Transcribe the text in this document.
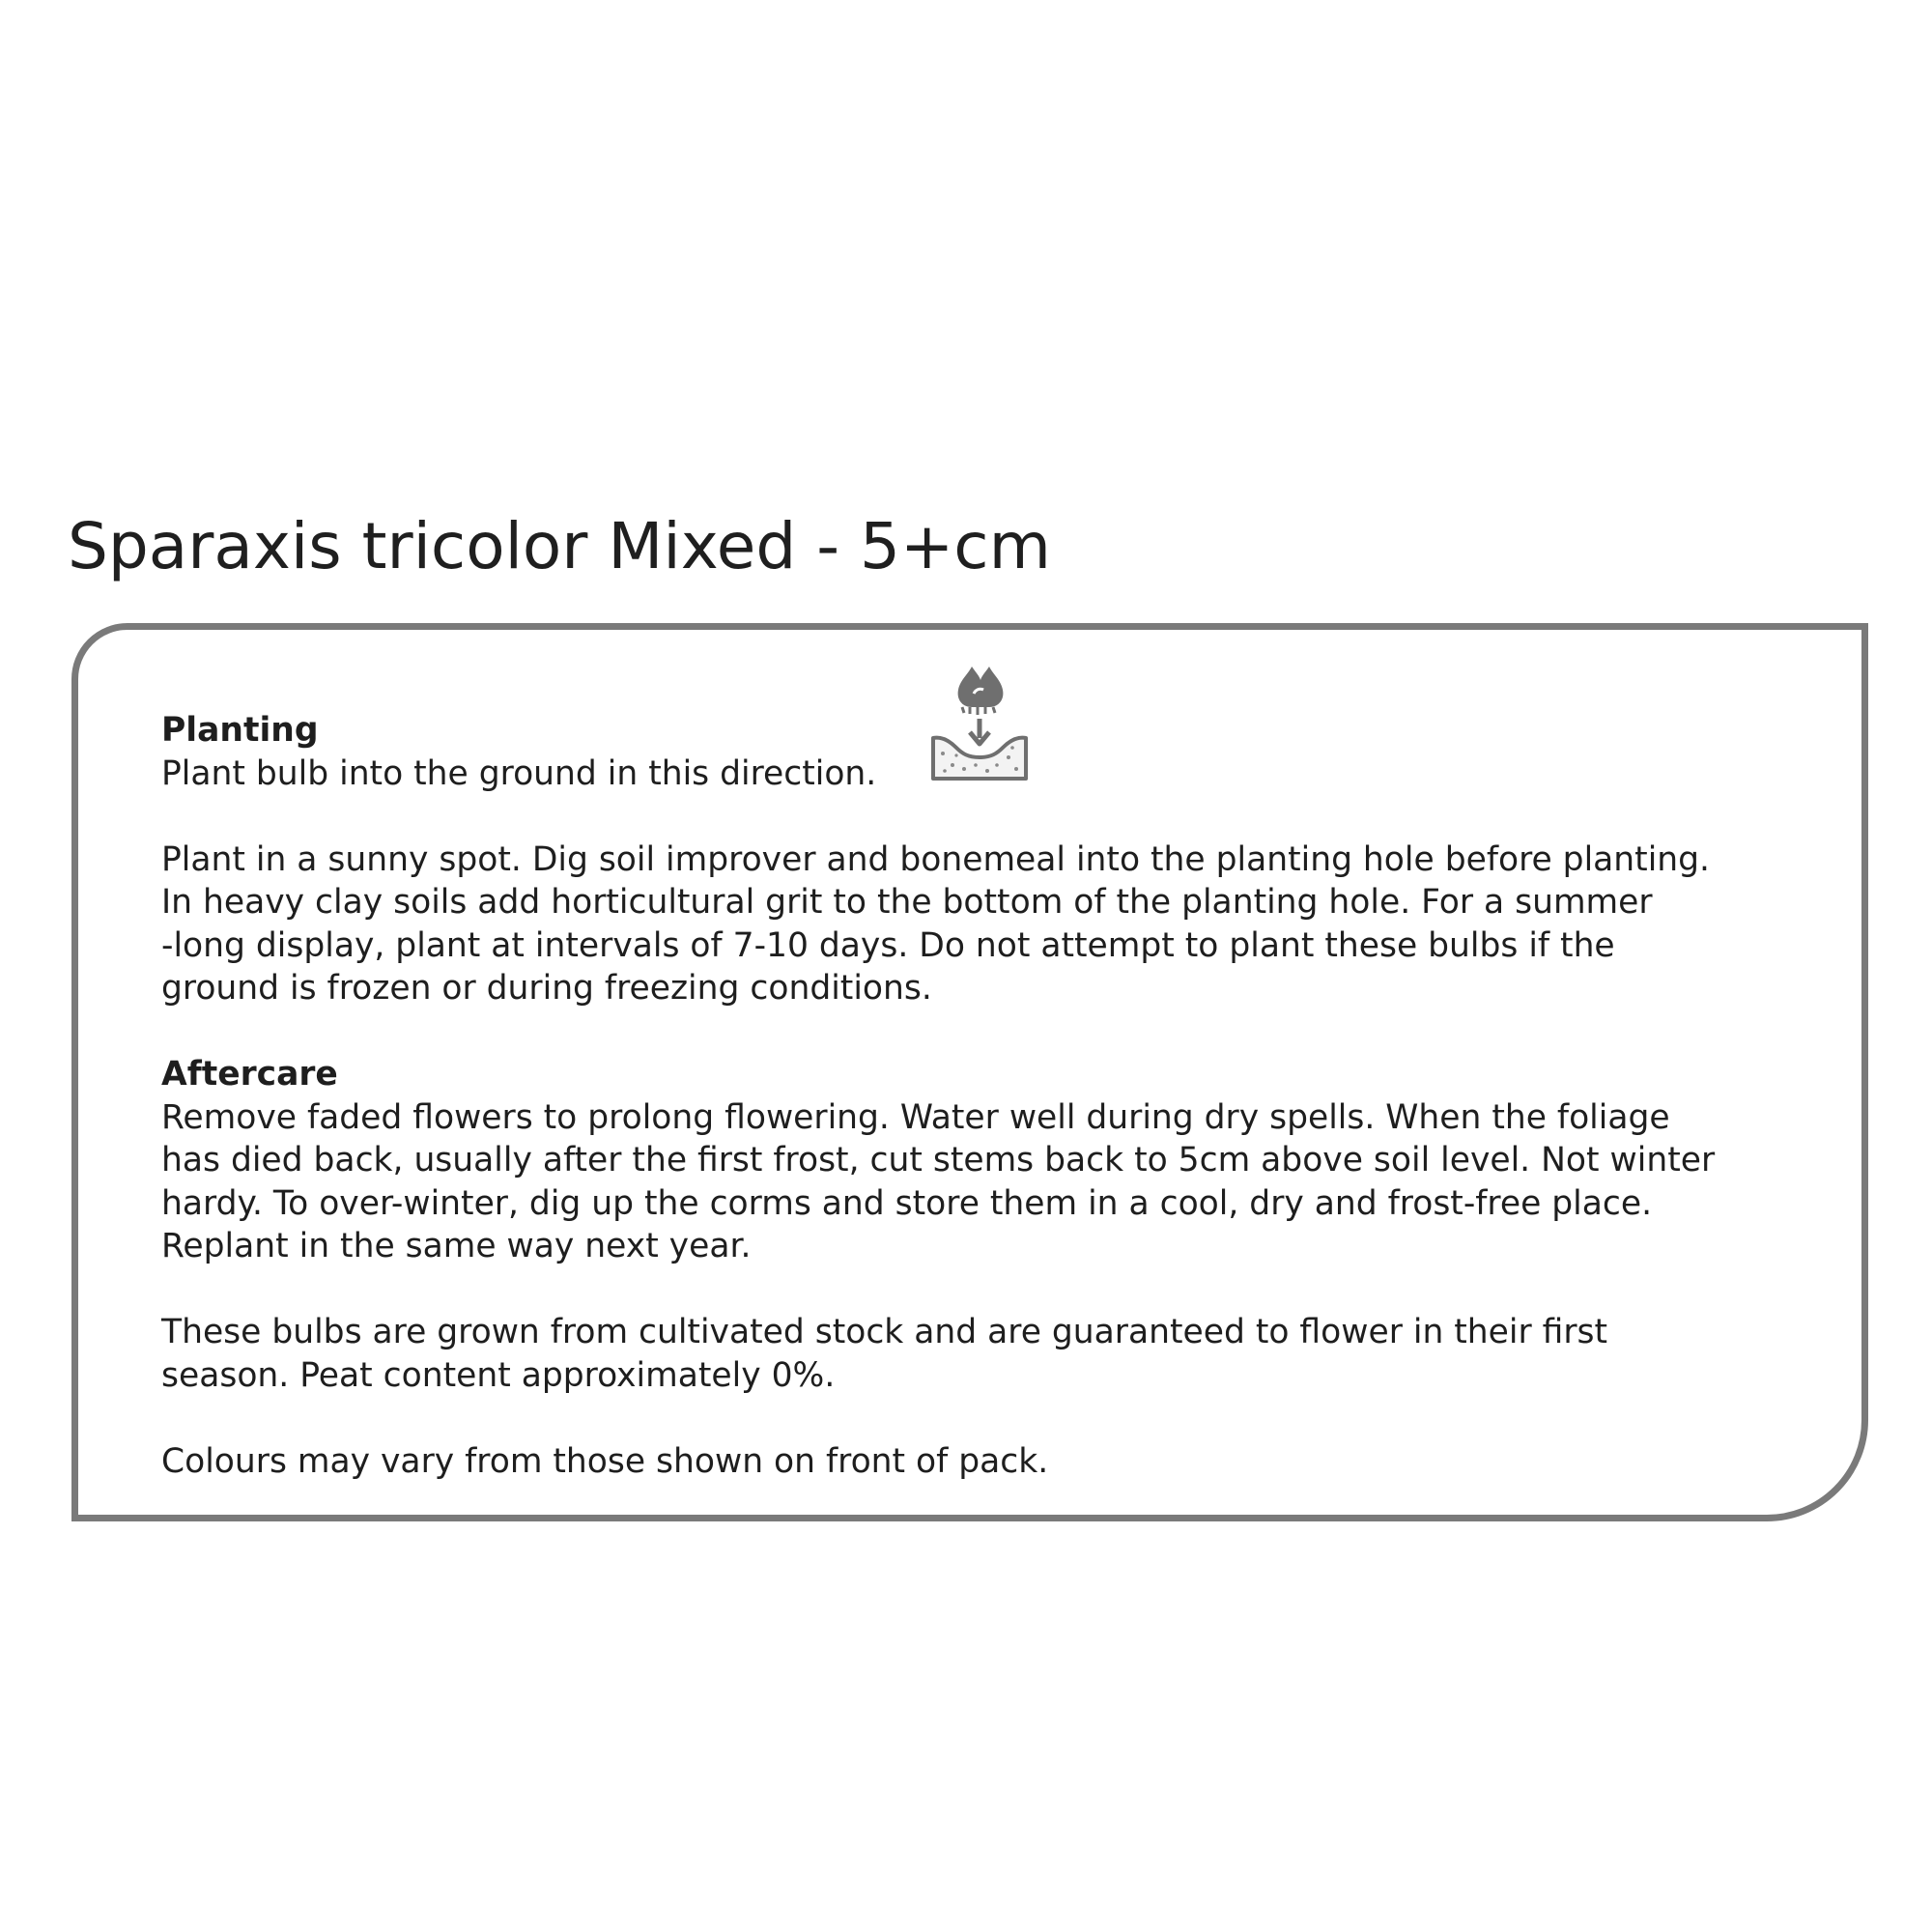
Sparaxis tricolor Mixed - 5+cm

Planting

Plant bulb into the ground in this direction.

Plant in a sunny spot. Dig soil improver and bonemeal into the planting hole before planting.
In heavy clay soils add horticultural grit to the bottom of the planting hole. For a summer
-long display, plant at intervals of 7-10 days. Do not attempt to plant these bulbs if the
ground is frozen or during freezing conditions.

Aftercare

Remove faded flowers to prolong flowering. Water well during dry spells. When the foliage
has died back, usually after the first frost, cut stems back to 5cm above soil level. Not winter
hardy. To over-winter, dig up the corms and store them in a cool, dry and frost-free place.
Replant in the same way next year.

These bulbs are grown from cultivated stock and are guaranteed to flower in their first
season. Peat content approximately 0%.

Colours may vary from those shown on front of pack.
